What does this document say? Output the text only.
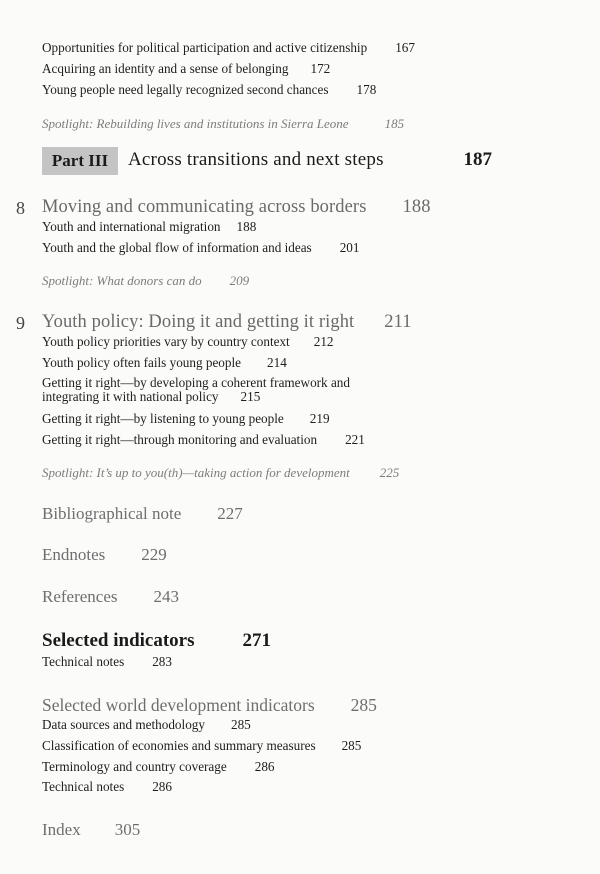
Opportunities for political participation and active citizenship 167
Acquiring an identity and a sense of belonging 172
Young people need legally recognized second chances 178
Spotlight: Rebuilding lives and institutions in Sierra Leone	185
Part III	Across transitions and next steps	187
8 Moving and communicating across borders 188
Youth and international migration 188
Youth and the global flow of information and ideas 201
Spotlight: What donors can do 209
9 Youth policy: Doing it and getting it right 211
Youth policy priorities vary by country context 212
Youth policy often fails young people 214
Getting it right—by developing a coherent framework and
integrating it with national policy 215
Getting it right—by listening to young people 219
Getting it right—through monitoring and evaluation 221
Spotlight: It’s up to you(th)—taking action for development 225
Bibliographical note 227
Endnotes 229
References 243
Selected indicators	271
Technical notes 283
Selected world development indicators 285
Data sources and methodology 285
Classification of economies and summary measures 285
Terminology and country coverage 286
Technical notes 286
Index 305
